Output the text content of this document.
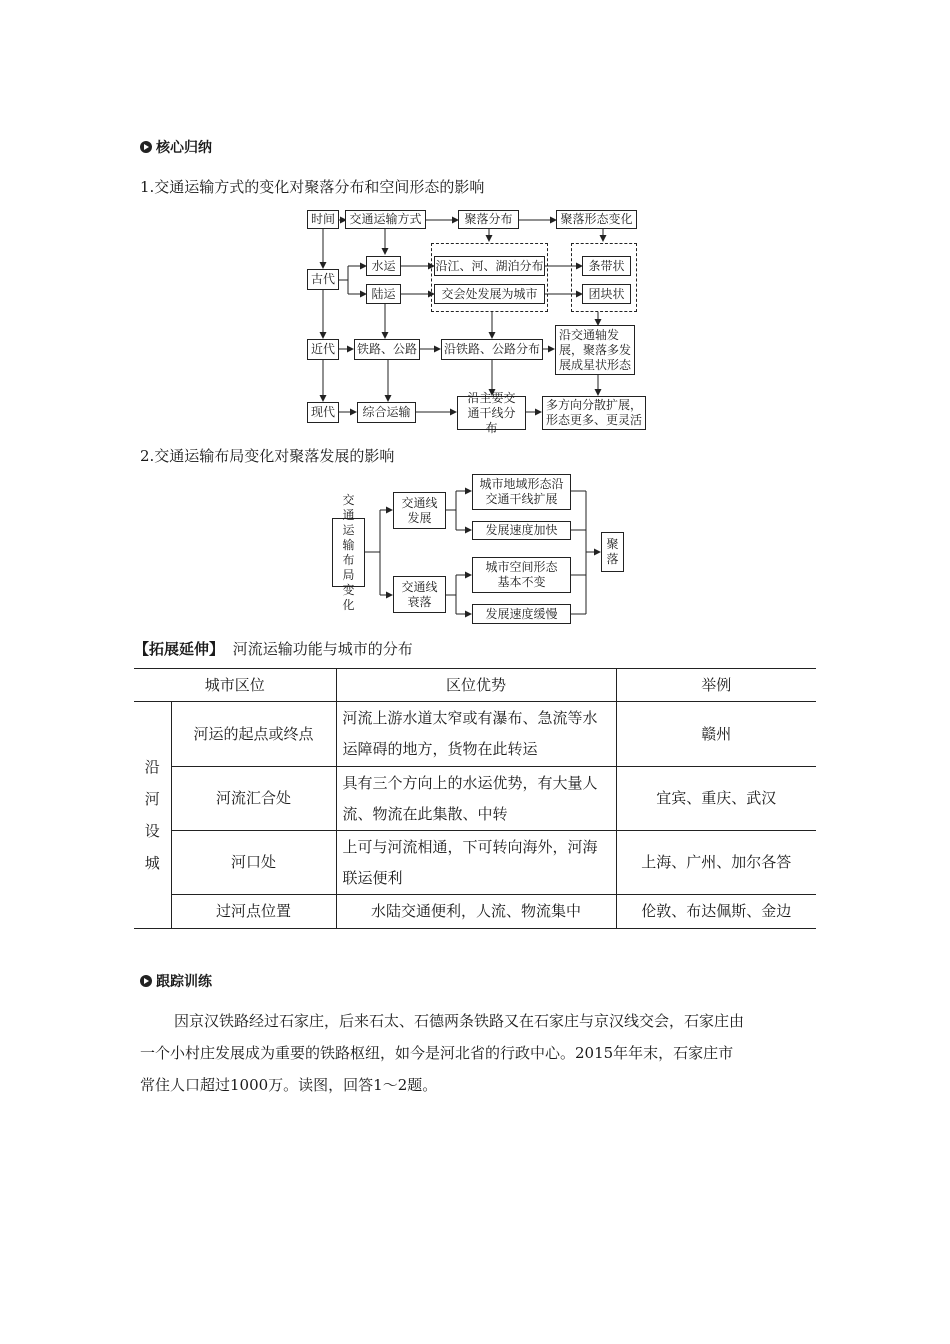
核心归纳
1.交通运输方式的变化对聚落分布和空间形态的影响
时间	交通运输方式	聚落分布	聚落形态变化
古代
水运
陆运
沿江、河、湖泊分布
交会处发展为城市
条带状
团块状
近代	铁路、公路 沿铁路、公路分布
沿交通轴发展，聚落多发展成星状形态
现代	综合运输
沿主要交通干线分布
多方向分散扩展，形态更多、更灵活
2.交通运输布局变化对聚落发展的影响
交通运输布局变化
交通线发展
交通线衰落
城市地域形态沿交通干线扩展
发展速度加快
城市空间形态基本不变
发展速度缓慢
聚落
【拓展延伸】 河流运输功能与城市的分布
城市区位		区位优势	举例

沿
河
设
城	河运的起点或终点	河流上游水道太窄或有瀑布、急流等水运障碍的地方，货物在此转运	赣州
	河流汇合处	具有三个方向上的水运优势，有大量人流、物流在此集散、中转	宜宾、重庆、武汉
	河口处	上可与河流相通，下可转向海外，河海联运便利	上海、广州、加尔各答
	过河点位置	水陆交通便利，人流、物流集中	伦敦、布达佩斯、金边
跟踪训练
因京汉铁路经过石家庄，后来石太、石德两条铁路又在石家庄与京汉线交会，石家庄由
一个小村庄发展成为重要的铁路枢纽，如今是河北省的行政中心。2015年年末，石家庄市
常住人口超过1000万。读图，回答1～2题。
